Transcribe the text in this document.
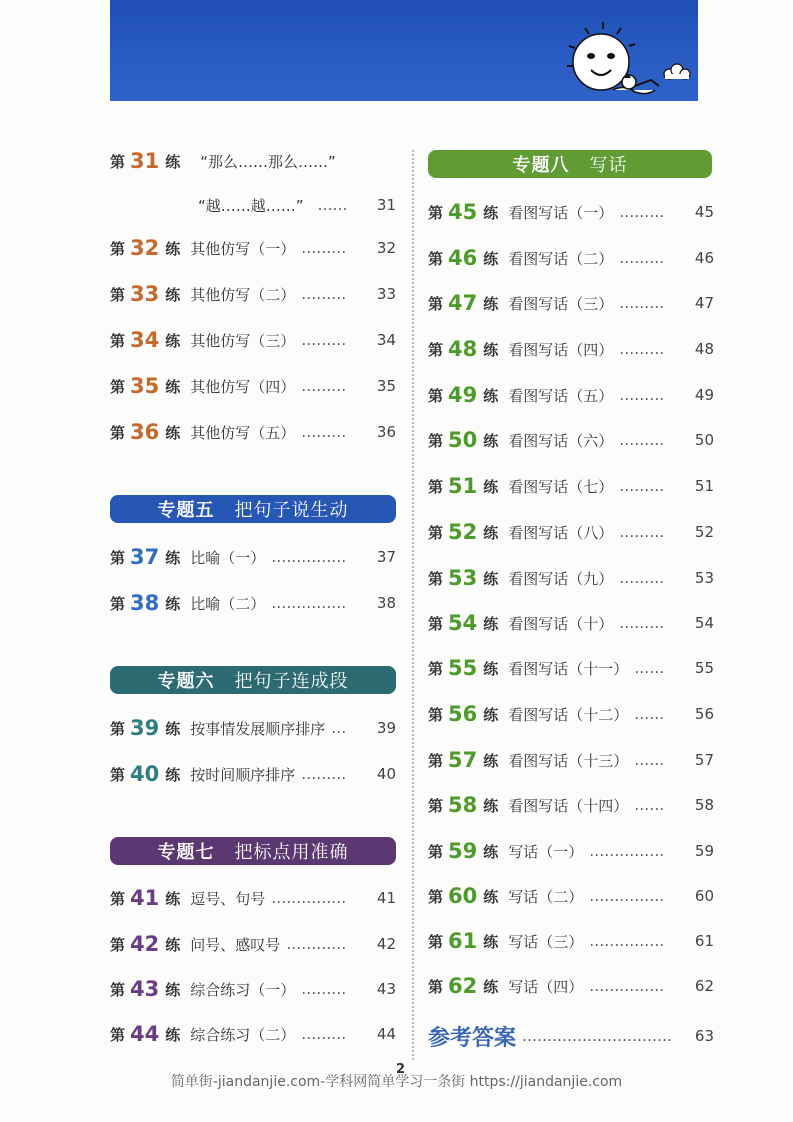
第 31 练 “那么……那么……”
“越……越……” …… 31
第 32 练 其他仿写（一） ……… 32
第 33 练 其他仿写（二） ……… 33
第 34 练 其他仿写（三） ……… 34
第 35 练 其他仿写（四） ……… 35
第 36 练 其他仿写（五） ……… 36
专题五 把句子说生动
第 37 练 比喻（一） …………… 37
第 38 练 比喻（二） …………… 38
专题六 把句子连成段
第 39 练 按事情发展顺序排序 … 39
第 40 练 按时间顺序排序 ……… 40
专题七 把标点用准确
第 41 练 逗号、句号 …………… 41
第 42 练 问号、感叹号 ………… 42
第 43 练 综合练习（一） ……… 43
第 44 练 综合练习（二） ……… 44
专题八 写话
第 45 练 看图写话（一） ……… 45
第 46 练 看图写话（二） ……… 46
第 47 练 看图写话（三） ……… 47
第 48 练 看图写话（四） ……… 48
第 49 练 看图写话（五） ……… 49
第 50 练 看图写话（六） ……… 50
第 51 练 看图写话（七） ……… 51
第 52 练 看图写话（八） ……… 52
第 53 练 看图写话（九） ……… 53
第 54 练 看图写话（十） ……… 54
第 55 练 看图写话（十一） …… 55
第 56 练 看图写话（十二） …… 56
第 57 练 看图写话（十三） …… 57
第 58 练 看图写话（十四） …… 58
第 59 练 写话（一） …………… 59
第 60 练 写话（二） …………… 60
第 61 练 写话（三） …………… 61
第 62 练 写话（四） …………… 62
参考答案 ………………………… 63
2
简单街-jiandanjie.com-学科网简单学习一条街 https://jiandanjie.com
